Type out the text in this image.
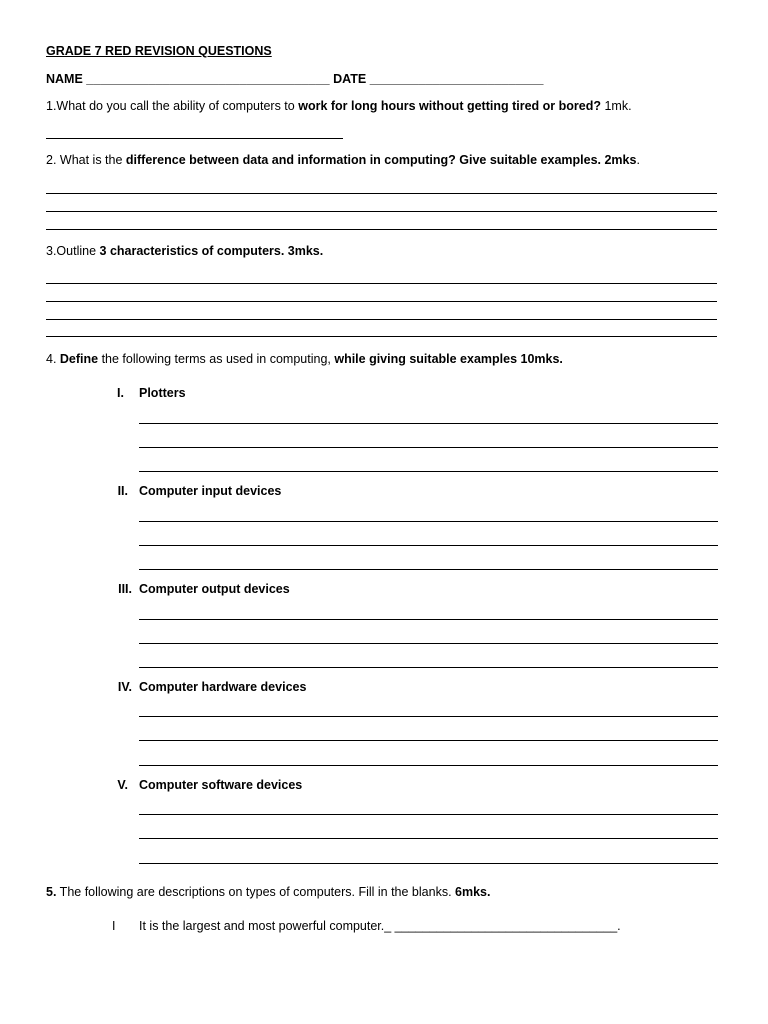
GRADE 7 RED REVISION QUESTIONS
NAME ___________________________________ DATE _________________________
1.What do you call the ability of computers to work for long hours without getting tired or bored? 1mk.
2. What is the difference between data and information in computing? Give suitable examples. 2mks.
3.Outline 3 characteristics of computers. 3mks.
4. Define the following terms as used in computing, while giving suitable examples 10mks.
I. Plotters
II. Computer input devices
III. Computer output devices
IV. Computer hardware devices
V. Computer software devices
5. The following are descriptions on types of computers. Fill in the blanks. 6mks.
I It is the largest and most powerful computer._ ________________________________.
